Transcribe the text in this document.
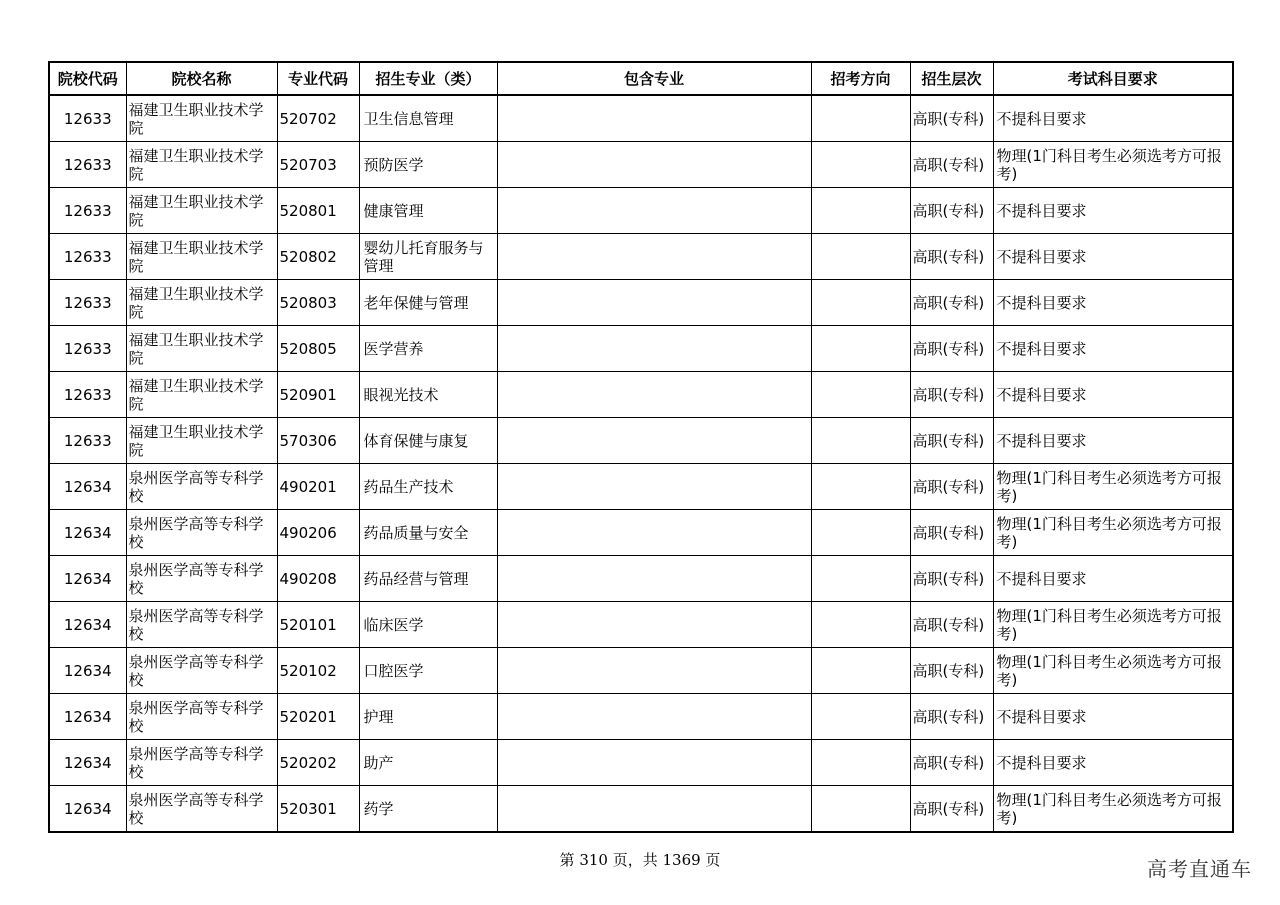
院校代码	院校名称	专业代码	招生专业（类）	包含专业	招考方向	招生层次	考试科目要求
12633	福建卫生职业技术学院	520702	卫生信息管理			高职(专科)	不提科目要求
12633	福建卫生职业技术学院	520703	预防医学			高职(专科)	物理(1门科目考生必须选考方可报考)
12633	福建卫生职业技术学院	520801	健康管理			高职(专科)	不提科目要求
12633	福建卫生职业技术学院	520802	婴幼儿托育服务与管理			高职(专科)	不提科目要求
12633	福建卫生职业技术学院	520803	老年保健与管理			高职(专科)	不提科目要求
12633	福建卫生职业技术学院	520805	医学营养			高职(专科)	不提科目要求
12633	福建卫生职业技术学院	520901	眼视光技术			高职(专科)	不提科目要求
12633	福建卫生职业技术学院	570306	体育保健与康复			高职(专科)	不提科目要求
12634	泉州医学高等专科学校	490201	药品生产技术			高职(专科)	物理(1门科目考生必须选考方可报考)
12634	泉州医学高等专科学校	490206	药品质量与安全			高职(专科)	物理(1门科目考生必须选考方可报考)
12634	泉州医学高等专科学校	490208	药品经营与管理			高职(专科)	不提科目要求
12634	泉州医学高等专科学校	520101	临床医学			高职(专科)	物理(1门科目考生必须选考方可报考)
12634	泉州医学高等专科学校	520102	口腔医学			高职(专科)	物理(1门科目考生必须选考方可报考)
12634	泉州医学高等专科学校	520201	护理			高职(专科)	不提科目要求
12634	泉州医学高等专科学校	520202	助产			高职(专科)	不提科目要求
12634	泉州医学高等专科学校	520301	药学			高职(专科)	物理(1门科目考生必须选考方可报考)
第 310 页，共 1369 页	高考直通车
